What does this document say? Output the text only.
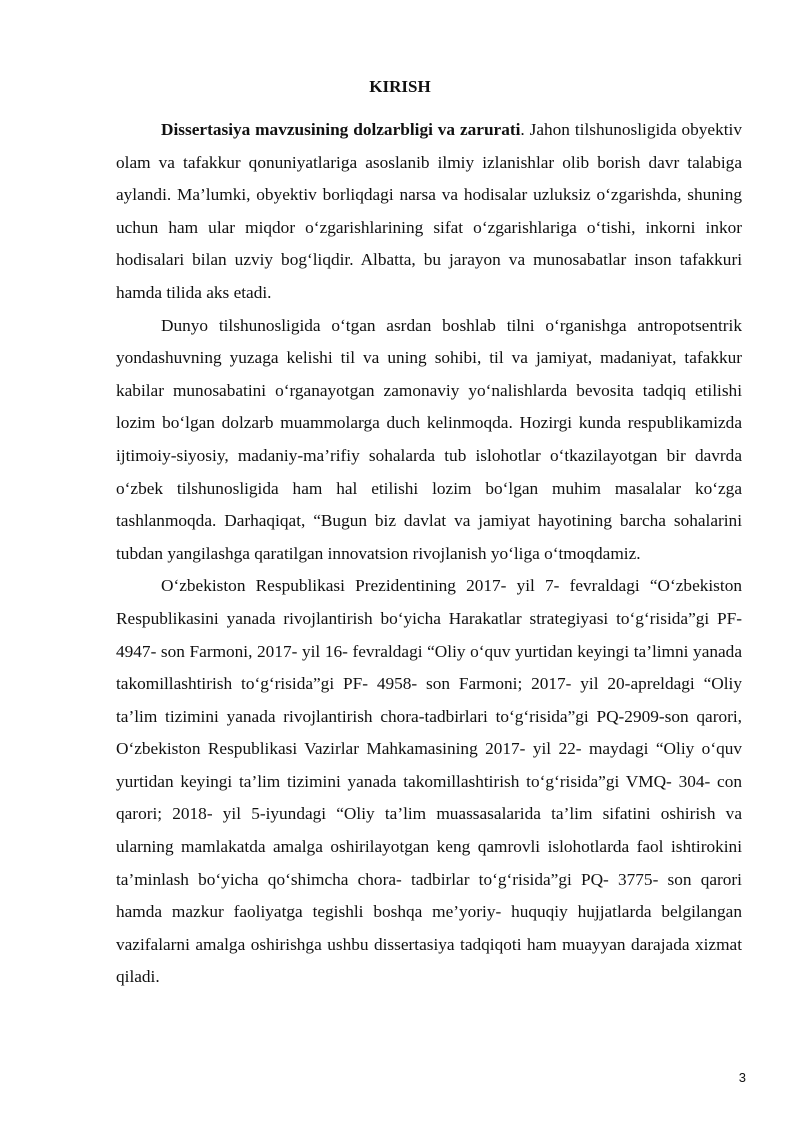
KIRISH

Dissertasiya mavzusining dolzarbligi va zarurati. Jahon tilshunosligida obyektiv olam va tafakkur qonuniyatlariga asoslanib ilmiy izlanishlar olib borish davr talabiga aylandi. Ma’lumki, obyektiv borliqdagi narsa va hodisalar uzluksiz o‘zgarishda, shuning uchun ham ular miqdor o‘zgarishlarining sifat o‘zgarishlariga o‘tishi, inkorni inkor hodisalari bilan uzviy bog‘liqdir. Albatta, bu jarayon va munosabatlar inson tafakkuri hamda tilida aks etadi.

Dunyo tilshunosligida o‘tgan asrdan boshlab tilni o‘rganishga antropotsentrik yondashuvning yuzaga kelishi til va uning sohibi, til va jamiyat, madaniyat, tafakkur kabilar munosabatini o‘rganayotgan zamonaviy yo‘nalishlarda bevosita tadqiq etilishi lozim bo‘lgan dolzarb muammolarga duch kelinmoqda. Hozirgi kunda respublikamizda ijtimoiy-siyosiy, madaniy-ma’rifiy sohalarda tub islohotlar o‘tkazilayotgan bir davrda o‘zbek tilshunosligida ham hal etilishi lozim bo‘lgan muhim masalalar ko‘zga tashlanmoqda. Darhaqiqat, “Bugun biz davlat va jamiyat hayotining barcha sohalarini tubdan yangilashga qaratilgan innovatsion rivojlanish yo‘liga o‘tmoqdamiz.

O‘zbekiston Respublikasi Prezidentining 2017- yil 7- fevraldagi “O‘zbekiston Respublikasini yanada rivojlantirish bo‘yicha Harakatlar strategiyasi to‘g‘risida”gi PF- 4947- son Farmoni, 2017- yil 16- fevraldagi “Oliy o‘quv yurtidan keyingi ta’limni yanada takomillashtirish to‘g‘risida”gi PF- 4958- son Farmoni; 2017- yil 20-apreldagi “Oliy ta’lim tizimini yanada rivojlantirish chora-tadbirlari to‘g‘risida”gi PQ-2909-son qarori, O‘zbekiston Respublikasi Vazirlar Mahkamasining 2017- yil 22- maydagi “Oliy o‘quv yurtidan keyingi ta’lim tizimini yanada takomillashtirish to‘g‘risida”gi VMQ- 304- con qarori; 2018- yil 5-iyundagi “Oliy ta’lim muassasalarida ta’lim sifatini oshirish va ularning mamlakatda amalga oshirilayotgan keng qamrovli islohotlarda faol ishtirokini ta’minlash bo‘yicha qo‘shimcha chora- tadbirlar to‘g‘risida”gi PQ- 3775- son qarori hamda mazkur faoliyatga tegishli boshqa me’yoriy- huquqiy hujjatlarda belgilangan vazifalarni amalga oshirishga ushbu dissertasiya tadqiqoti ham muayyan darajada xizmat qiladi.

3
